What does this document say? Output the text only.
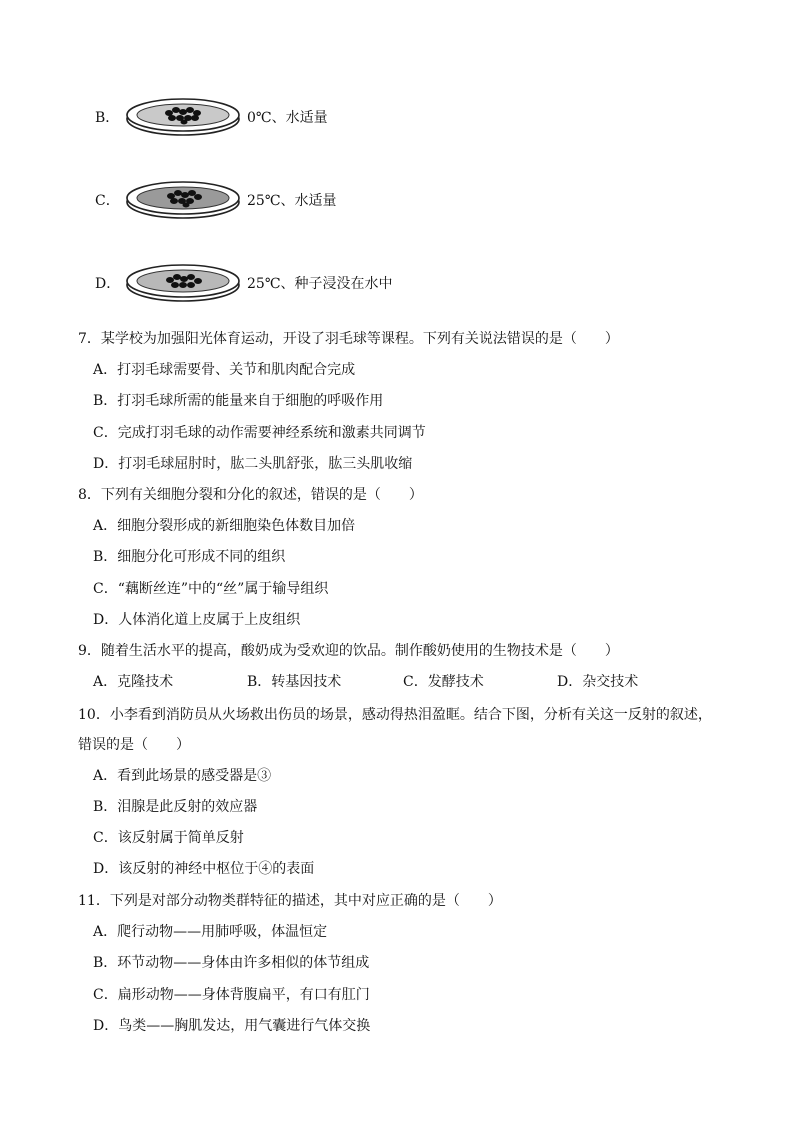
B．	0℃、水适量
C．	25℃、水适量
D．	25℃、种子浸没在水中

7．某学校为加强阳光体育运动，开设了羽毛球等课程。下列有关说法错误的是（　　）

A．打羽毛球需要骨、关节和肌肉配合完成

B．打羽毛球所需的能量来自于细胞的呼吸作用

C．完成打羽毛球的动作需要神经系统和激素共同调节

D．打羽毛球屈肘时，肱二头肌舒张，肱三头肌收缩

8．下列有关细胞分裂和分化的叙述，错误的是（　　）

A．细胞分裂形成的新细胞染色体数目加倍

B．细胞分化可形成不同的组织

C．“藕断丝连”中的“丝”属于输导组织

D．人体消化道上皮属于上皮组织

9．随着生活水平的提高，酸奶成为受欢迎的饮品。制作酸奶使用的生物技术是（　　）

A．克隆技术	B．转基因技术	C．发酵技术	D．杂交技术

10．小李看到消防员从火场救出伤员的场景，感动得热泪盈眶。结合下图，分析有关这一反射的叙述，错误的是（　　）

A．看到此场景的感受器是③

B．泪腺是此反射的效应器

C．该反射属于简单反射

D．该反射的神经中枢位于④的表面

11．下列是对部分动物类群特征的描述，其中对应正确的是（　　）

A．爬行动物——用肺呼吸，体温恒定

B．环节动物——身体由许多相似的体节组成

C．扁形动物——身体背腹扁平，有口有肛门

D．鸟类——胸肌发达，用气囊进行气体交换
